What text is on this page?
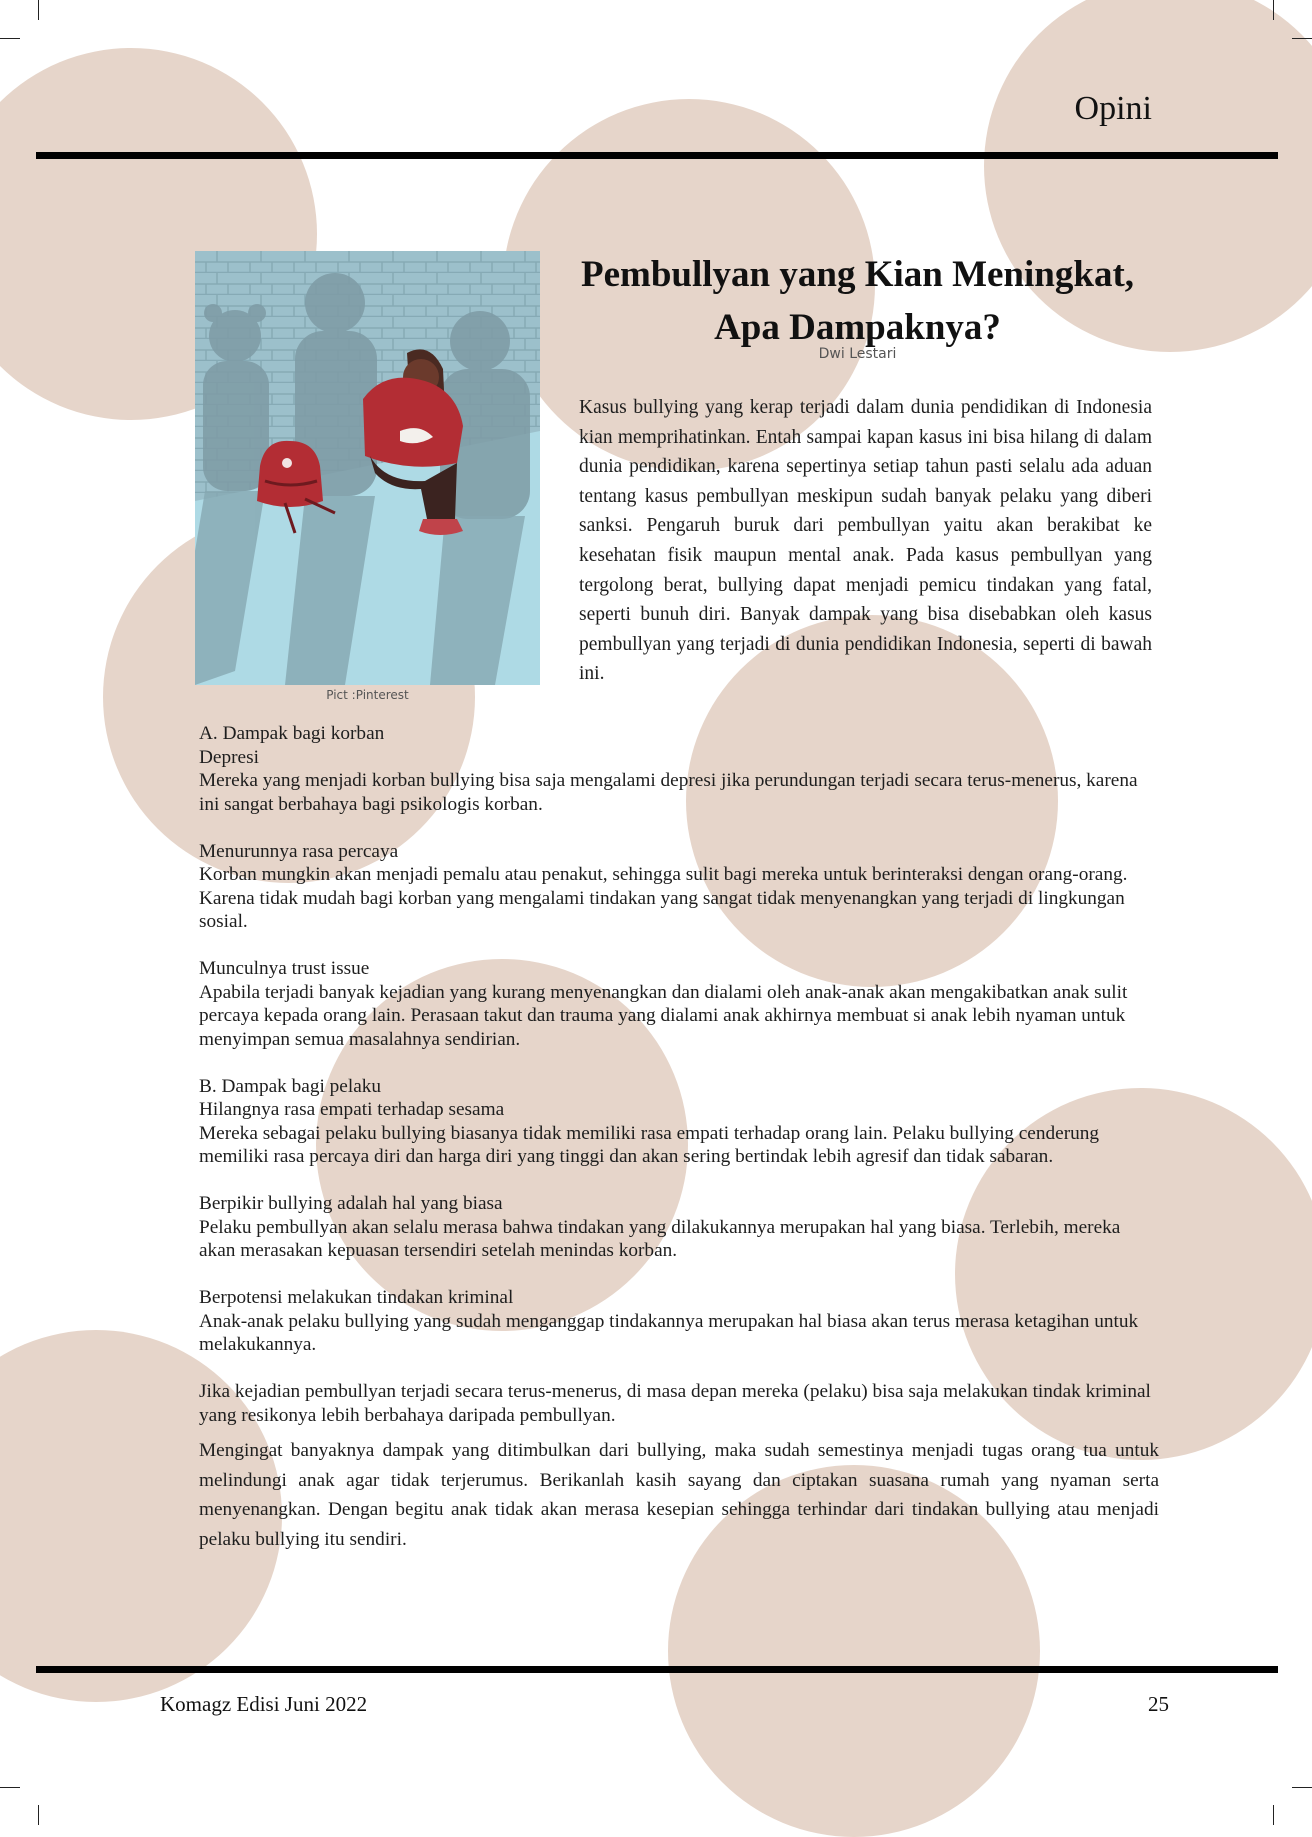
Opini
Pict :Pinterest
Pembullyan yang Kian Meningkat,
Apa Dampaknya?
Dwi Lestari
Kasus bullying yang kerap terjadi dalam dunia pendidikan di Indonesia kian memprihatinkan. Entah sampai kapan kasus ini bisa hilang di dalam dunia pendidikan, karena sepertinya setiap tahun pasti selalu ada aduan tentang kasus pembullyan meskipun sudah banyak pelaku yang diberi sanksi. Pengaruh buruk dari pembullyan yaitu akan berakibat ke kesehatan fisik maupun mental anak. Pada kasus pembullyan yang tergolong berat, bullying dapat menjadi pemicu tindakan yang fatal, seperti bunuh diri. Banyak dampak yang bisa disebabkan oleh kasus pembullyan yang terjadi di dunia pendidikan Indonesia, seperti di bawah ini.

A. Dampak bagi korban

Depresi

Mereka yang menjadi korban bullying bisa saja mengalami depresi jika perundungan terjadi secara terus-menerus, karena ini sangat berbahaya bagi psikologis korban.

Menurunnya rasa percaya

Korban mungkin akan menjadi pemalu atau penakut, sehingga sulit bagi mereka untuk berinteraksi dengan orang-orang. Karena tidak mudah bagi korban yang mengalami tindakan yang sangat tidak menyenangkan yang terjadi di lingkungan sosial.

Munculnya trust issue

Apabila terjadi banyak kejadian yang kurang menyenangkan dan dialami oleh anak-anak akan mengakibatkan anak sulit percaya kepada orang lain. Perasaan takut dan trauma yang dialami anak akhirnya membuat si anak lebih nyaman untuk menyimpan semua masalahnya sendirian.

B. Dampak bagi pelaku

Hilangnya rasa empati terhadap sesama

Mereka sebagai pelaku bullying biasanya tidak memiliki rasa empati terhadap orang lain. Pelaku bullying cenderung memiliki rasa percaya diri dan harga diri yang tinggi dan akan sering bertindak lebih agresif dan tidak sabaran.

Berpikir bullying adalah hal yang biasa

Pelaku pembullyan akan selalu merasa bahwa tindakan yang dilakukannya merupakan hal yang biasa. Terlebih, mereka akan merasakan kepuasan tersendiri setelah menindas korban.

Berpotensi melakukan tindakan kriminal

Anak-anak pelaku bullying yang sudah menganggap tindakannya merupakan hal biasa akan terus merasa ketagihan untuk melakukannya.

Jika kejadian pembullyan terjadi secara terus-menerus, di masa depan mereka (pelaku) bisa saja melakukan tindak kriminal yang resikonya lebih berbahaya daripada pembullyan.

Mengingat banyaknya dampak yang ditimbulkan dari bullying, maka sudah semestinya menjadi tugas orang tua untuk melindungi anak agar tidak terjerumus. Berikanlah kasih sayang dan ciptakan suasana rumah yang nyaman serta menyenangkan. Dengan begitu anak tidak akan merasa kesepian sehingga terhindar dari tindakan bullying atau menjadi pelaku bullying itu sendiri.

Komagz Edisi Juni 2022	25
